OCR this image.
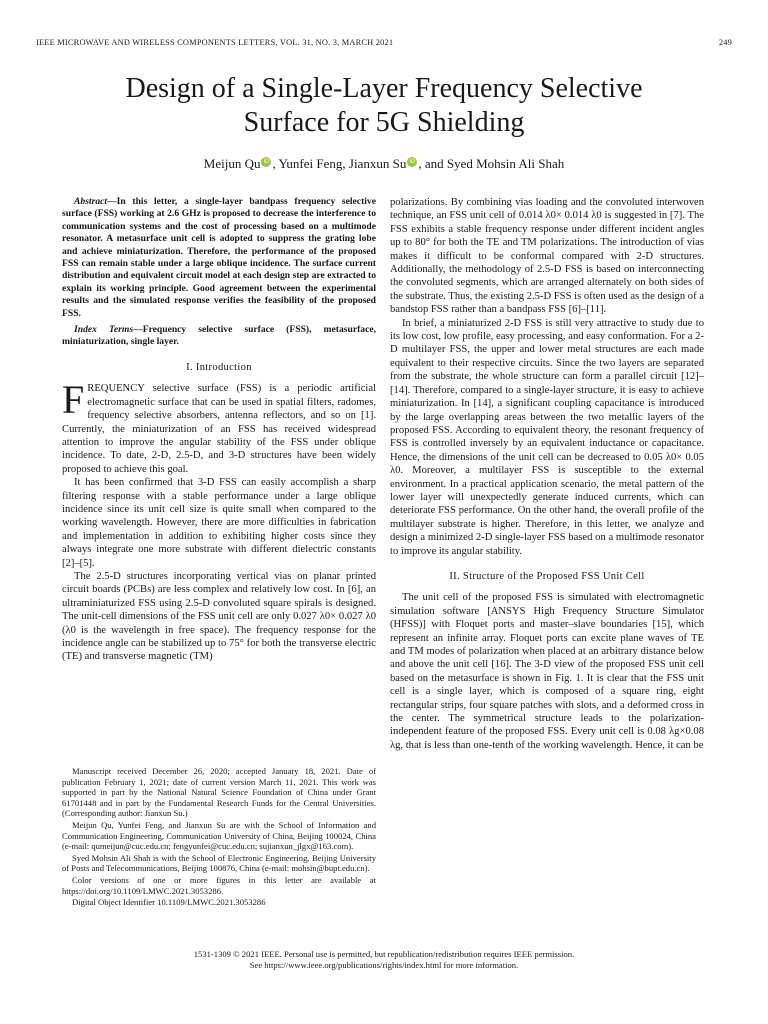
IEEE MICROWAVE AND WIRELESS COMPONENTS LETTERS, VOL. 31, NO. 3, MARCH 2021	249
Design of a Single-Layer Frequency Selective
Surface for 5G Shielding
Meijun Qu iD , Yunfei Feng, Jianxun Su iD , and Syed Mohsin Ali Shah

Abstract—In this letter, a single-layer bandpass frequency selective surface (FSS) working at 2.6 GHz is proposed to decrease the interference to communication systems and the cost of processing based on a multimode resonator. A metasurface unit cell is adopted to suppress the grating lobe and achieve miniaturization. Therefore, the performance of the proposed FSS can remain stable under a large oblique incidence. The surface current distribution and equivalent circuit model at each design step are extracted to explain its working principle. Good agreement between the experimental results and the simulated response verifies the feasibility of the proposed FSS.

Index Terms—Frequency selective surface (FSS), metasurface, miniaturization, single layer.

I. Introduction

FREQUENCY selective surface (FSS) is a periodic artificial electromagnetic surface that can be used in spatial filters, radomes, frequency selective absorbers, antenna reflectors, and so on [1]. Currently, the miniaturization of an FSS has received widespread attention to improve the angular stability of the FSS under oblique incidence. To date, 2-D, 2.5-D, and 3-D structures have been widely proposed to achieve this goal.

It has been confirmed that 3-D FSS can easily accomplish a sharp filtering response with a stable performance under a large oblique incidence since its unit cell size is quite small when compared to the working wavelength. However, there are more difficulties in fabrication and implementation in addition to exhibiting higher costs since they always integrate one more substrate with different dielectric constants [2]–[5].

The 2.5-D structures incorporating vertical vias on planar printed circuit boards (PCBs) are less complex and relatively low cost. In [6], an ultraminiaturized FSS using 2.5-D convoluted square spirals is designed. The unit-cell dimensions of the FSS unit cell are only 0.027 λ0× 0.027 λ0 (λ0 is the wavelength in free space). The frequency response for the incidence angle can be stabilized up to 75° for both the transverse electric (TE) and transverse magnetic (TM)

Manuscript received December 26, 2020; accepted January 18, 2021. Date of publication February 1, 2021; date of current version March 11, 2021. This work was supported in part by the National Natural Science Foundation of China under Grant 61701448 and in part by the Fundamental Research Funds for the Central Universities. (Corresponding author: Jianxun Su.)

Meijun Qu, Yunfei Feng, and Jianxun Su are with the School of Information and Communication Engineering, Communication University of China, Beijing 100024, China (e-mail: qumeijun@cuc.edu.cn; fengyunfei@cuc.edu.cn; sujianxun_jlgx@163.com).

Syed Mohsin Ali Shah is with the School of Electronic Engineering, Beijing University of Posts and Telecommunications, Beijing 100876, China (e-mail: mohsin@bupt.edu.cn).

Color versions of one or more figures in this letter are available at https://doi.org/10.1109/LMWC.2021.3053286.

Digital Object Identifier 10.1109/LMWC.2021.3053286

polarizations. By combining vias loading and the convoluted interwoven technique, an FSS unit cell of 0.014 λ0× 0.014 λ0 is suggested in [7]. The FSS exhibits a stable frequency response under different incident angles up to 80° for both the TE and TM polarizations. The introduction of vias makes it difficult to be conformal compared with 2-D structures. Additionally, the methodology of 2.5-D FSS is based on interconnecting the convoluted segments, which are arranged alternately on both sides of the substrate. Thus, the existing 2.5-D FSS is often used as the design of a bandstop FSS rather than a bandpass FSS [6]–[11].

In brief, a miniaturized 2-D FSS is still very attractive to study due to its low cost, low profile, easy processing, and easy conformation. For a 2-D multilayer FSS, the upper and lower metal structures are each made equivalent to their respective circuits. Since the two layers are separated from the substrate, the whole structure can form a parallel circuit [12]–[14]. Therefore, compared to a single-layer structure, it is easy to achieve miniaturization. In [14], a significant coupling capacitance is introduced by the large overlapping areas between the two metallic layers of the proposed FSS. According to equivalent theory, the resonant frequency of FSS is controlled inversely by an equivalent inductance or capacitance. Hence, the dimensions of the unit cell can be decreased to 0.05 λ0× 0.05 λ0. Moreover, a multilayer FSS is susceptible to the external environment. In a practical application scenario, the metal pattern of the lower layer will unexpectedly generate induced currents, which can deteriorate FSS performance. On the other hand, the overall profile of the multilayer substrate is higher. Therefore, in this letter, we analyze and design a minimized 2-D single-layer FSS based on a multimode resonator to improve its angular stability.

II. Structure of the Proposed FSS Unit Cell

The unit cell of the proposed FSS is simulated with electromagnetic simulation software [ANSYS High Frequency Structure Simulator (HFSS)] with Floquet ports and master–slave boundaries [15], which represent an infinite array. Floquet ports can excite plane waves of TE and TM modes of polarization when placed at an arbitrary distance below and above the unit cell [16]. The 3-D view of the proposed FSS unit cell based on the metasurface is shown in Fig. 1. It is clear that the FSS unit cell is a single layer, which is composed of a square ring, eight rectangular strips, four square patches with slots, and a deformed cross in the center. The symmetrical structure leads to the polarization-independent feature of the proposed FSS. Every unit cell is 0.08 λg×0.08 λg, that is less than one-tenth of the working wavelength. Hence, it can be

1531-1309 © 2021 IEEE. Personal use is permitted, but republication/redistribution requires IEEE permission.
See https://www.ieee.org/publications/rights/index.html for more information.
